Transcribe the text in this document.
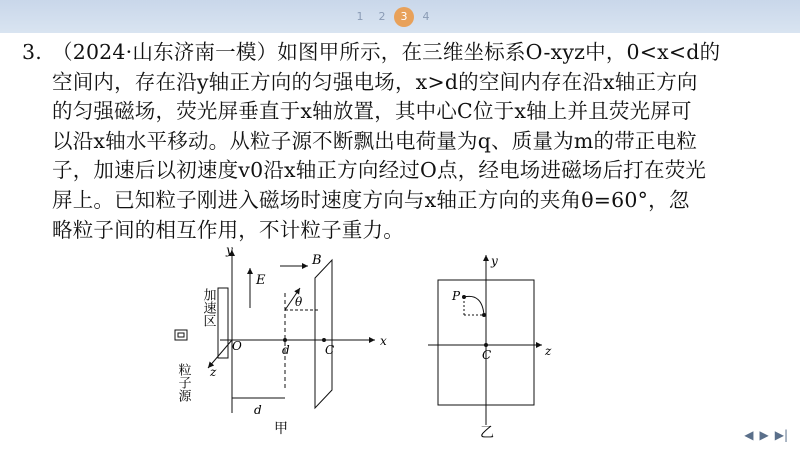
1	2	3	4
3. （2024·山东济南一模）如图甲所示，在三维坐标系O-xyz中，0<x<d的
空间内，存在沿y轴正方向的匀强电场，x>d的空间内存在沿x轴正方向
的匀强磁场，荧光屏垂直于x轴放置，其中心C位于x轴上并且荧光屏可
以沿x轴水平移动。从粒子源不断飘出电荷量为q、质量为m的带正电粒
子，加速后以初速度v0沿x轴正方向经过O点，经电场进磁场后打在荧光
屏上。已知粒子刚进入磁场时速度方向与x轴正方向的夹角θ=60°，忽
略粒子间的相互作用，不计粒子重力。
加速区
粒子源
y
E
x
z
O	d
d
B
θ
C
甲
y
z
C
P
乙	◀ ▶ ▶|
